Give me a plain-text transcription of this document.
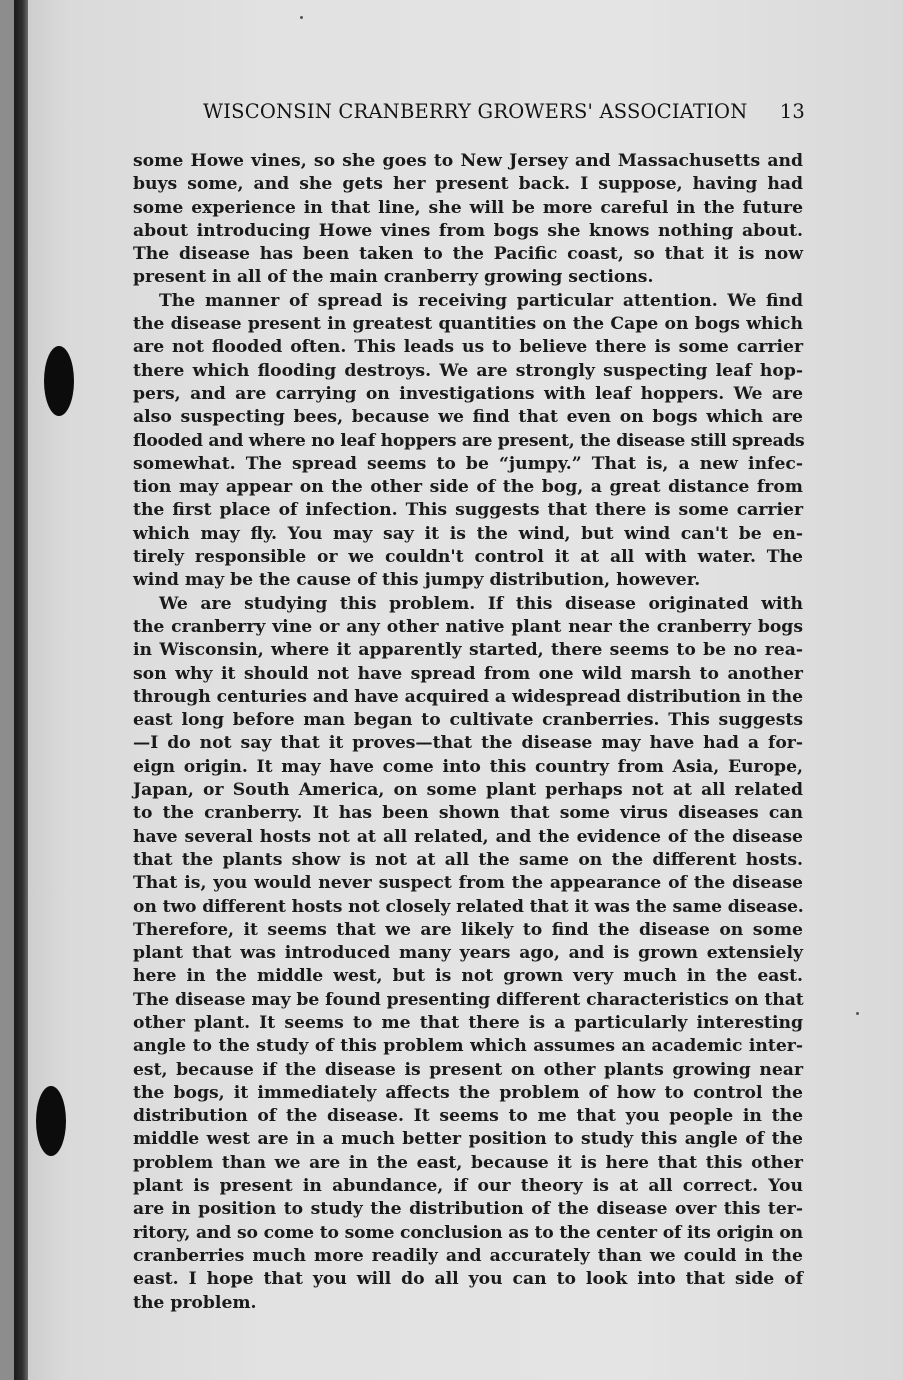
WISCONSIN CRANBERRY GROWERS' ASSOCIATION 13
some Howe vines, so she goes to New Jersey and Massachusetts and
buys some, and she gets her present back. I suppose, having had
some experience in that line, she will be more careful in the future
about introducing Howe vines from bogs she knows nothing about.
The disease has been taken to the Pacific coast, so that it is now
present in all of the main cranberry growing sections.
The manner of spread is receiving particular attention. We find
the disease present in greatest quantities on the Cape on bogs which
are not flooded often. This leads us to believe there is some carrier
there which flooding destroys. We are strongly suspecting leaf hop-
pers, and are carrying on investigations with leaf hoppers. We are
also suspecting bees, because we find that even on bogs which are
flooded and where no leaf hoppers are present, the disease still spreads
somewhat. The spread seems to be “jumpy.” That is, a new infec-
tion may appear on the other side of the bog, a great distance from
the first place of infection. This suggests that there is some carrier
which may fly. You may say it is the wind, but wind can't be en-
tirely responsible or we couldn't control it at all with water. The
wind may be the cause of this jumpy distribution, however.
We are studying this problem. If this disease originated with
the cranberry vine or any other native plant near the cranberry bogs
in Wisconsin, where it apparently started, there seems to be no rea-
son why it should not have spread from one wild marsh to another
through centuries and have acquired a widespread distribution in the
east long before man began to cultivate cranberries. This suggests
—I do not say that it proves—that the disease may have had a for-
eign origin. It may have come into this country from Asia, Europe,
Japan, or South America, on some plant perhaps not at all related
to the cranberry. It has been shown that some virus diseases can
have several hosts not at all related, and the evidence of the disease
that the plants show is not at all the same on the different hosts.
That is, you would never suspect from the appearance of the disease
on two different hosts not closely related that it was the same disease.
Therefore, it seems that we are likely to find the disease on some
plant that was introduced many years ago, and is grown extensiely
here in the middle west, but is not grown very much in the east.
The disease may be found presenting different characteristics on that
other plant. It seems to me that there is a particularly interesting
angle to the study of this problem which assumes an academic inter-
est, because if the disease is present on other plants growing near
the bogs, it immediately affects the problem of how to control the
distribution of the disease. It seems to me that you people in the
middle west are in a much better position to study this angle of the
problem than we are in the east, because it is here that this other
plant is present in abundance, if our theory is at all correct. You
are in position to study the distribution of the disease over this ter-
ritory, and so come to some conclusion as to the center of its origin on
cranberries much more readily and accurately than we could in the
east. I hope that you will do all you can to look into that side of
the problem.
